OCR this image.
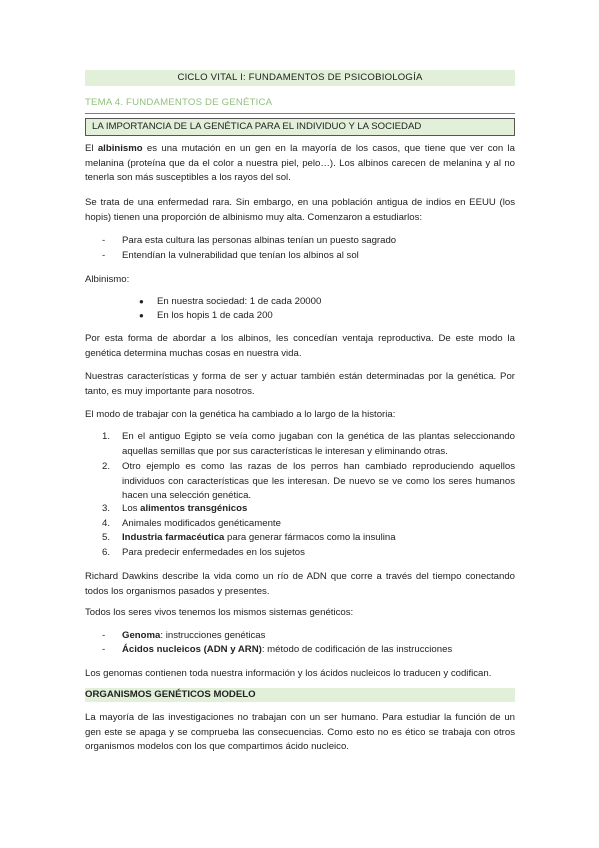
CICLO VITAL I: FUNDAMENTOS DE PSICOBIOLOGÍA
TEMA 4. FUNDAMENTOS DE GENÉTICA
LA IMPORTANCIA DE LA GENÉTICA PARA EL INDIVIDUO Y LA SOCIEDAD
El albinismo es una mutación en un gen en la mayoría de los casos, que tiene que ver con la melanina (proteína que da el color a nuestra piel, pelo…). Los albinos carecen de melanina y al no tenerla son más susceptibles a los rayos del sol.
Se trata de una enfermedad rara. Sin embargo, en una población antigua de indios en EEUU (los hopis) tienen una proporción de albinismo muy alta. Comenzaron a estudiarlos:
- Para esta cultura las personas albinas tenían un puesto sagrado
- Entendían la vulnerabilidad que tenían los albinos al sol
Albinismo:
● En nuestra sociedad: 1 de cada 20000
● En los hopis 1 de cada 200
Por esta forma de abordar a los albinos, les concedían ventaja reproductiva. De este modo la genética determina muchas cosas en nuestra vida.
Nuestras características y forma de ser y actuar también están determinadas por la genética. Por tanto, es muy importante para nosotros.
El modo de trabajar con la genética ha cambiado a lo largo de la historia:
1. En el antiguo Egipto se veía como jugaban con la genética de las plantas seleccionando aquellas semillas que por sus características le interesan y eliminando otras.
2. Otro ejemplo es como las razas de los perros han cambiado reproduciendo aquellos individuos con características que les interesan. De nuevo se ve como los seres humanos hacen una selección genética.
3. Los alimentos transgénicos
4. Animales modificados genéticamente
5. Industria farmacéutica para generar fármacos como la insulina
6. Para predecir enfermedades en los sujetos
Richard Dawkins describe la vida como un río de ADN que corre a través del tiempo conectando todos los organismos pasados y presentes.
Todos los seres vivos tenemos los mismos sistemas genéticos:
- Genoma: instrucciones genéticas
- Ácidos nucleicos (ADN y ARN): método de codificación de las instrucciones
Los genomas contienen toda nuestra información y los ácidos nucleicos lo traducen y codifican.
ORGANISMOS GENÉTICOS MODELO
La mayoría de las investigaciones no trabajan con un ser humano. Para estudiar la función de un gen este se apaga y se comprueba las consecuencias. Como esto no es ético se trabaja con otros organismos modelos con los que compartimos ácido nucleico.
